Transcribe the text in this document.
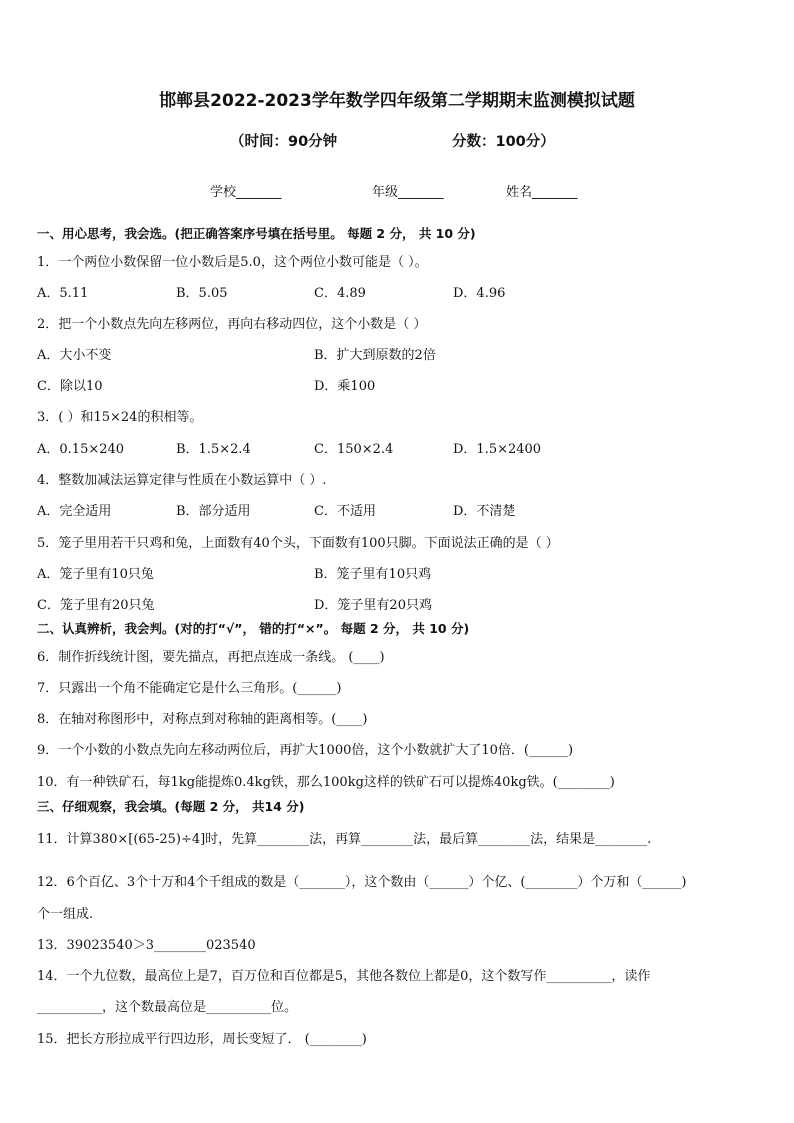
邯郸县2022-2023学年数学四年级第二学期期末监测模拟试题
（时间：90分钟	分数：100分）
学校_______	年级_______	姓名_______
一、用心思考，我会选。(把正确答案序号填在括号里。 每题 2 分， 共 10 分)
1．一个两位小数保留一位小数后是5.0，这个两位小数可能是（ ）。
A．5.11	B．5.05	C．4.89	D．4.96
2．把一个小数点先向左移两位，再向右移动四位，这个小数是（ ）
A．大小不变	B．扩大到原数的2倍
C．除以10	D．乘100
3．( ）和15×24的积相等。
A．0.15×240	B．1.5×2.4	C．150×2.4	D．1.5×2400
4．整数加减法运算定律与性质在小数运算中（ ）.
A．完全适用	B．部分适用	C．不适用	D．不清楚
5．笼子里用若干只鸡和兔，上面数有40个头，下面数有100只脚。下面说法正确的是（ ）
A．笼子里有10只兔	B．笼子里有10只鸡
C．笼子里有20只兔	D．笼子里有20只鸡
二、认真辨析，我会判。(对的打“√”， 错的打“×”。 每题 2 分， 共 10 分)
6．制作折线统计图，要先描点，再把点连成一条线。 (____)
7．只露出一个角不能确定它是什么三角形。(______)
8．在轴对称图形中，对称点到对称轴的距离相等。(____)
9．一个小数的小数点先向左移动两位后，再扩大1000倍，这个小数就扩大了10倍．(______)
10．有一种铁矿石，每1kg能提炼0.4kg铁，那么100kg这样的铁矿石可以提炼40kg铁。(________)
三、仔细观察，我会填。(每题 2 分， 共14 分)
11．计算380×[(65-25)÷4]时，先算________法，再算________法，最后算________法，结果是________.
12．6个百亿、3个十万和4个千组成的数是（_______），这个数由（______）个亿、(________）个万和（______)
个一组成.
13．39023540＞3________023540
14．一个九位数，最高位上是7，百万位和百位都是5，其他各数位上都是0，这个数写作__________，读作
__________，这个数最高位是__________位。
15．把长方形拉成平行四边形，周长变短了． (________)
